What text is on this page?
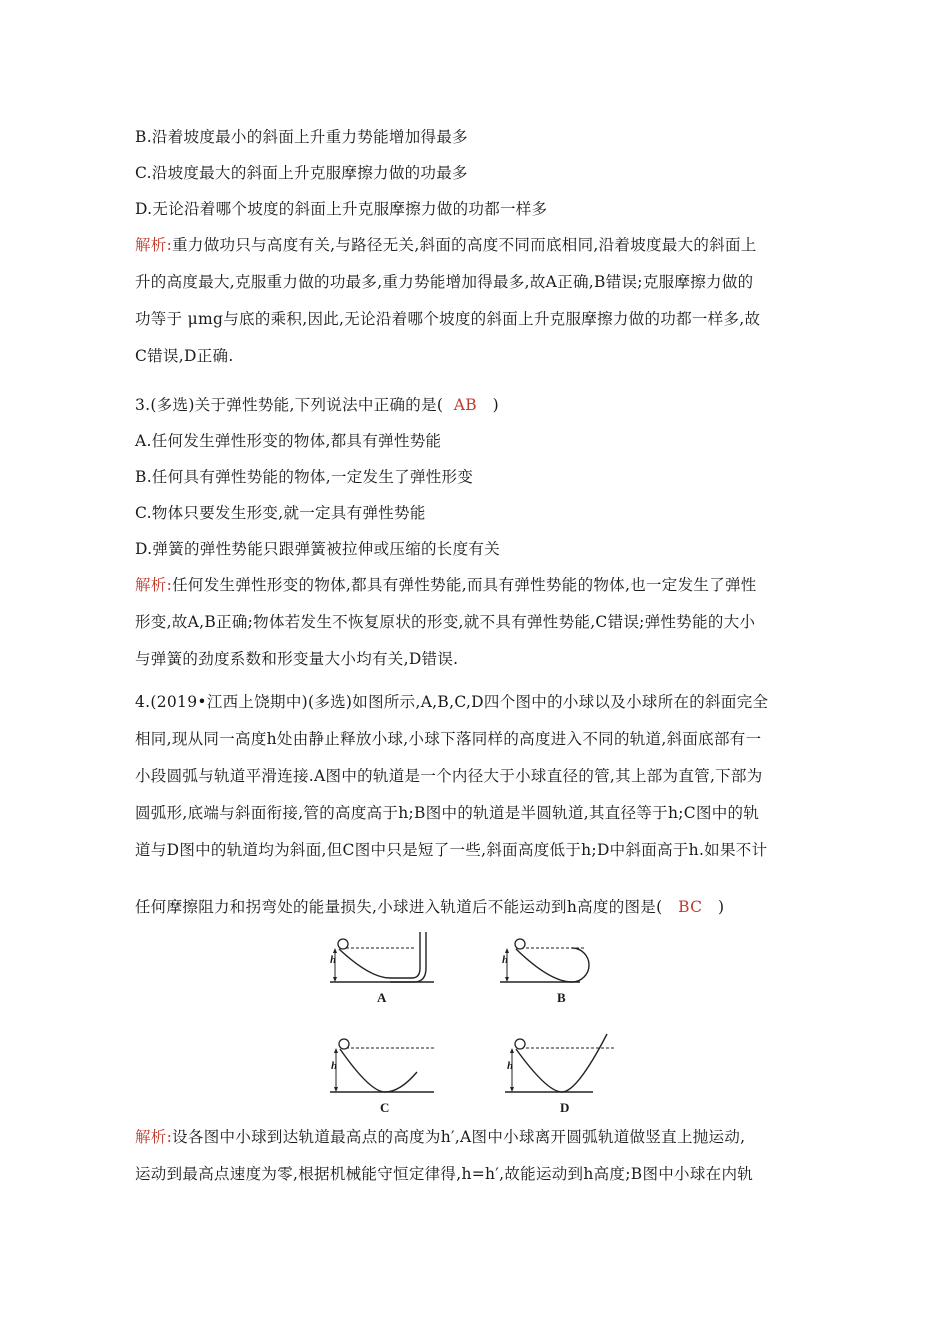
B.沿着坡度最小的斜面上升重力势能增加得最多
C.沿坡度最大的斜面上升克服摩擦力做的功最多
D.无论沿着哪个坡度的斜面上升克服摩擦力做的功都一样多
解析:重力做功只与高度有关,与路径无关,斜面的高度不同而底相同,沿着坡度最大的斜面上
升的高度最大,克服重力做的功最多,重力势能增加得最多,故A正确,B错误;克服摩擦力做的
功等于 μmg与底的乘积,因此,无论沿着哪个坡度的斜面上升克服摩擦力做的功都一样多,故
C错误,D正确.
3.(多选)关于弹性势能,下列说法中正确的是( AB )
A.任何发生弹性形变的物体,都具有弹性势能
B.任何具有弹性势能的物体,一定发生了弹性形变
C.物体只要发生形变,就一定具有弹性势能
D.弹簧的弹性势能只跟弹簧被拉伸或压缩的长度有关
解析:任何发生弹性形变的物体,都具有弹性势能,而具有弹性势能的物体,也一定发生了弹性
形变,故A,B正确;物体若发生不恢复原状的形变,就不具有弹性势能,C错误;弹性势能的大小
与弹簧的劲度系数和形变量大小均有关,D错误.
4.(2019•江西上饶期中)(多选)如图所示,A,B,C,D四个图中的小球以及小球所在的斜面完全
相同,现从同一高度h处由静止释放小球,小球下落同样的高度进入不同的轨道,斜面底部有一
小段圆弧与轨道平滑连接.A图中的轨道是一个内径大于小球直径的管,其上部为直管,下部为
圆弧形,底端与斜面衔接,管的高度高于h;B图中的轨道是半圆轨道,其直径等于h;C图中的轨
道与D图中的轨道均为斜面,但C图中只是短了一些,斜面高度低于h;D中斜面高于h.如果不计
任何摩擦阻力和拐弯处的能量损失,小球进入轨道后不能运动到h高度的图是( BC )
h
A
h
B
h
C
h
D
解析:设各图中小球到达轨道最高点的高度为h′,A图中小球离开圆弧轨道做竖直上抛运动,
运动到最高点速度为零,根据机械能守恒定律得,h=h′,故能运动到h高度;B图中小球在内轨
